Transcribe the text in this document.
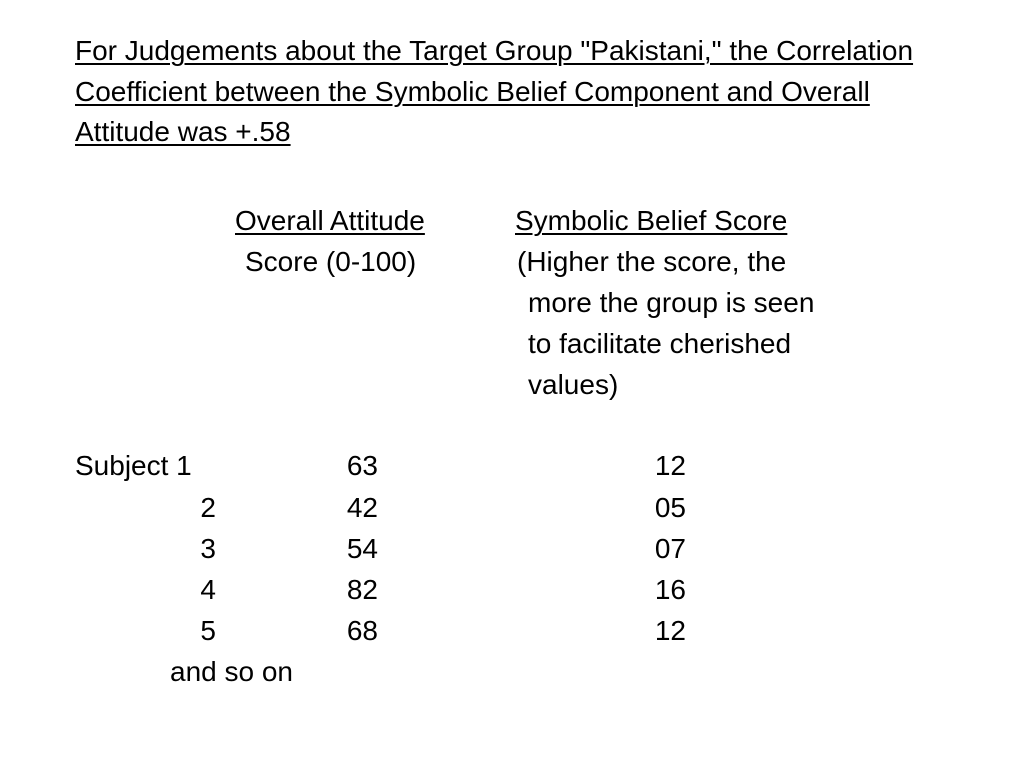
For Judgements about the Target Group "Pakistani," the Correlation Coefficient between the Symbolic Belief Component and Overall Attitude was +.58
Overall Attitude
Score (0-100)
Symbolic Belief Score
(Higher the score, the
more the group is seen
to facilitate cherished
values)
Subject 1	63	12
2	42	05
3	54	07
4	82	16
5	68	12
and so on
